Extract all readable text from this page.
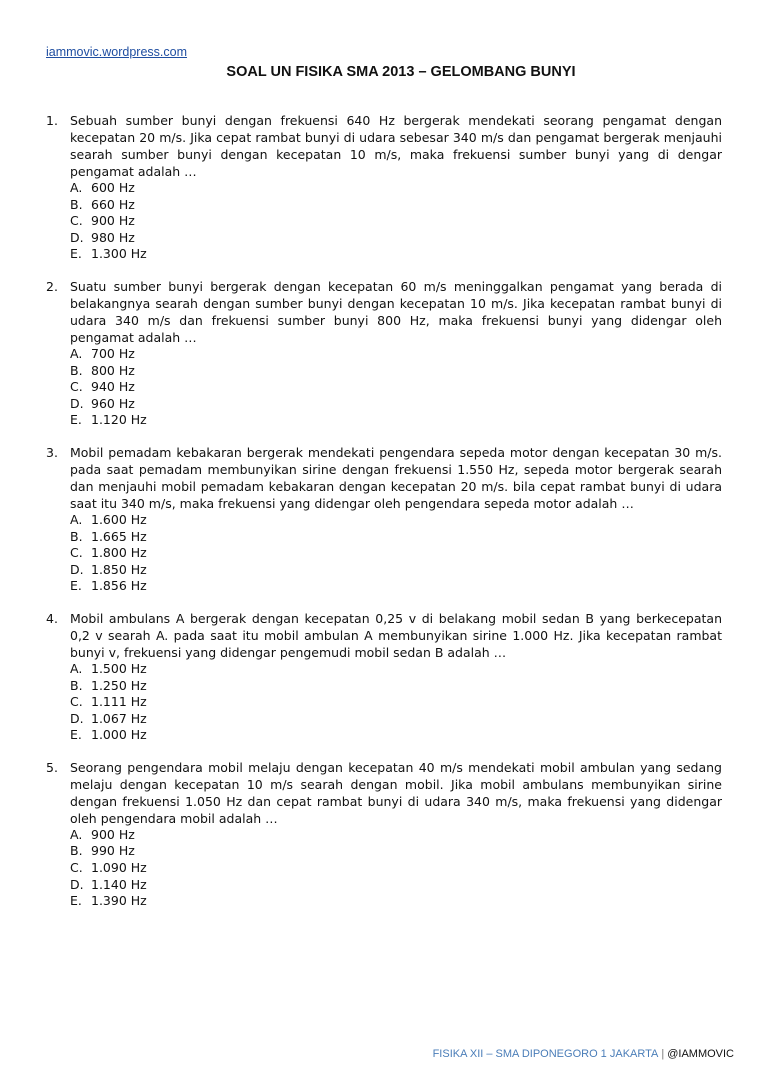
iammovic.wordpress.com
SOAL UN FISIKA SMA 2013 – GELOMBANG BUNYI
1. Sebuah sumber bunyi dengan frekuensi 640 Hz bergerak mendekati seorang pengamat dengan kecepatan 20 m/s. Jika cepat rambat bunyi di udara sebesar 340 m/s dan pengamat bergerak menjauhi searah sumber bunyi dengan kecepatan 10 m/s, maka frekuensi sumber bunyi yang di dengar pengamat adalah …
A. 600 Hz
B. 660 Hz
C. 900 Hz
D. 980 Hz
E. 1.300 Hz
2. Suatu sumber bunyi bergerak dengan kecepatan 60 m/s meninggalkan pengamat yang berada di belakangnya searah dengan sumber bunyi dengan kecepatan 10 m/s. Jika kecepatan rambat bunyi di udara 340 m/s dan frekuensi sumber bunyi 800 Hz, maka frekuensi bunyi yang didengar oleh pengamat adalah …
A. 700 Hz
B. 800 Hz
C. 940 Hz
D. 960 Hz
E. 1.120 Hz
3. Mobil pemadam kebakaran bergerak mendekati pengendara sepeda motor dengan kecepatan 30 m/s. pada saat pemadam membunyikan sirine dengan frekuensi 1.550 Hz, sepeda motor bergerak searah dan menjauhi mobil pemadam kebakaran dengan kecepatan 20 m/s. bila cepat rambat bunyi di udara saat itu 340 m/s, maka frekuensi yang didengar oleh pengendara sepeda motor adalah …
A. 1.600 Hz
B. 1.665 Hz
C. 1.800 Hz
D. 1.850 Hz
E. 1.856 Hz
4. Mobil ambulans A bergerak dengan kecepatan 0,25 v di belakang mobil sedan B yang berkecepatan 0,2 v searah A. pada saat itu mobil ambulan A membunyikan sirine 1.000 Hz. Jika kecepatan rambat bunyi v, frekuensi yang didengar pengemudi mobil sedan B adalah …
A. 1.500 Hz
B. 1.250 Hz
C. 1.111 Hz
D. 1.067 Hz
E. 1.000 Hz
5. Seorang pengendara mobil melaju dengan kecepatan 40 m/s mendekati mobil ambulan yang sedang melaju dengan kecepatan 10 m/s searah dengan mobil. Jika mobil ambulans membunyikan sirine dengan frekuensi 1.050 Hz dan cepat rambat bunyi di udara 340 m/s, maka frekuensi yang didengar oleh pengendara mobil adalah …
A. 900 Hz
B. 990 Hz
C. 1.090 Hz
D. 1.140 Hz
E. 1.390 Hz
FISIKA XII – SMA DIPONEGORO 1 JAKARTA | @IAMMOVIC
